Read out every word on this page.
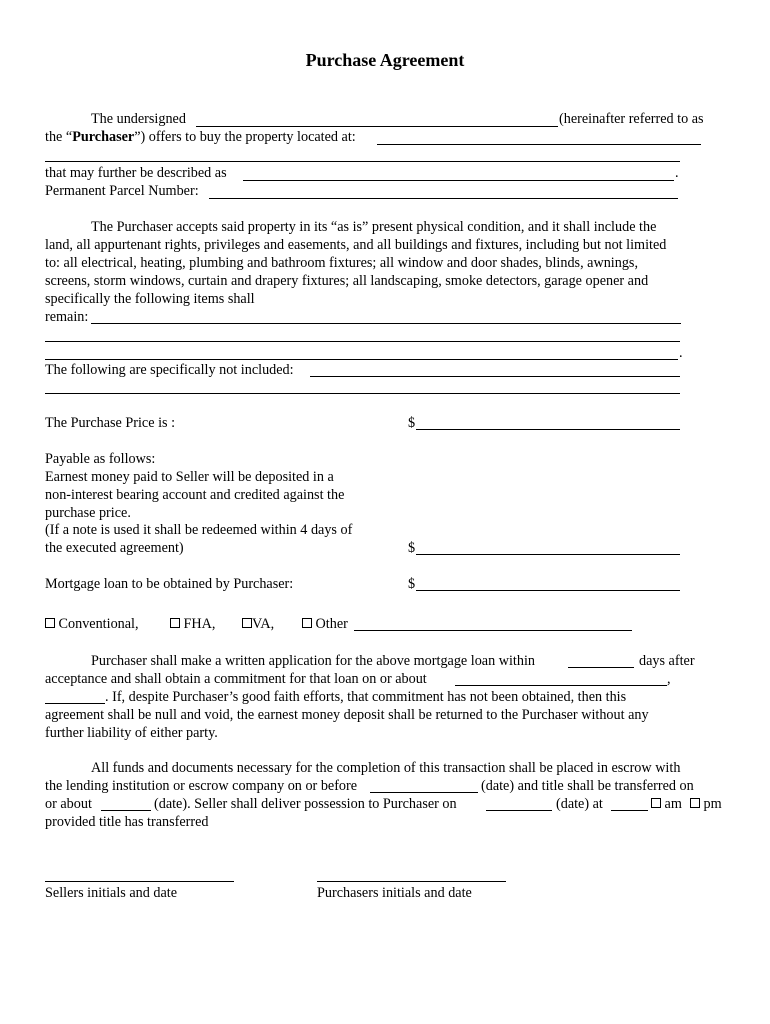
Purchase Agreement
The undersigned	(hereinafter referred to as
the “Purchaser”) offers to buy the property located at:
that may further be described as	.
Permanent Parcel Number:
The Purchaser accepts said property in its “as is” present physical condition, and it shall include the
land, all appurtenant rights, privileges and easements, and all buildings and fixtures, including but not limited
to: all electrical, heating, plumbing and bathroom fixtures; all window and door shades, blinds, awnings,
screens, storm windows, curtain and drapery fixtures; all landscaping, smoke detectors, garage opener and
specifically the following items shall
remain:
.
The following are specifically not included:
The Purchase Price is :	$
Payable as follows:
Earnest money paid to Seller will be deposited in a
non-interest bearing account and credited against the
purchase price.
(If a note is used it shall be redeemed within 4 days of
the executed agreement)	$
Mortgage loan to be obtained by Purchaser:	$
Conventional,	FHA,	VA,	Other
Purchaser shall make a written application for the above mortgage loan within	days after
acceptance and shall obtain a commitment for that loan on or about	,
. If, despite Purchaser’s good faith efforts, that commitment has not been obtained, then this
agreement shall be null and void, the earnest money deposit shall be returned to the Purchaser without any
further liability of either party.
All funds and documents necessary for the completion of this transaction shall be placed in escrow with
the lending institution or escrow company on or before	(date) and title shall be transferred on
or about	(date). Seller shall deliver possession to Purchaser on	(date) at	am	pm
provided title has transferred
Sellers initials and date	Purchasers initials and date
